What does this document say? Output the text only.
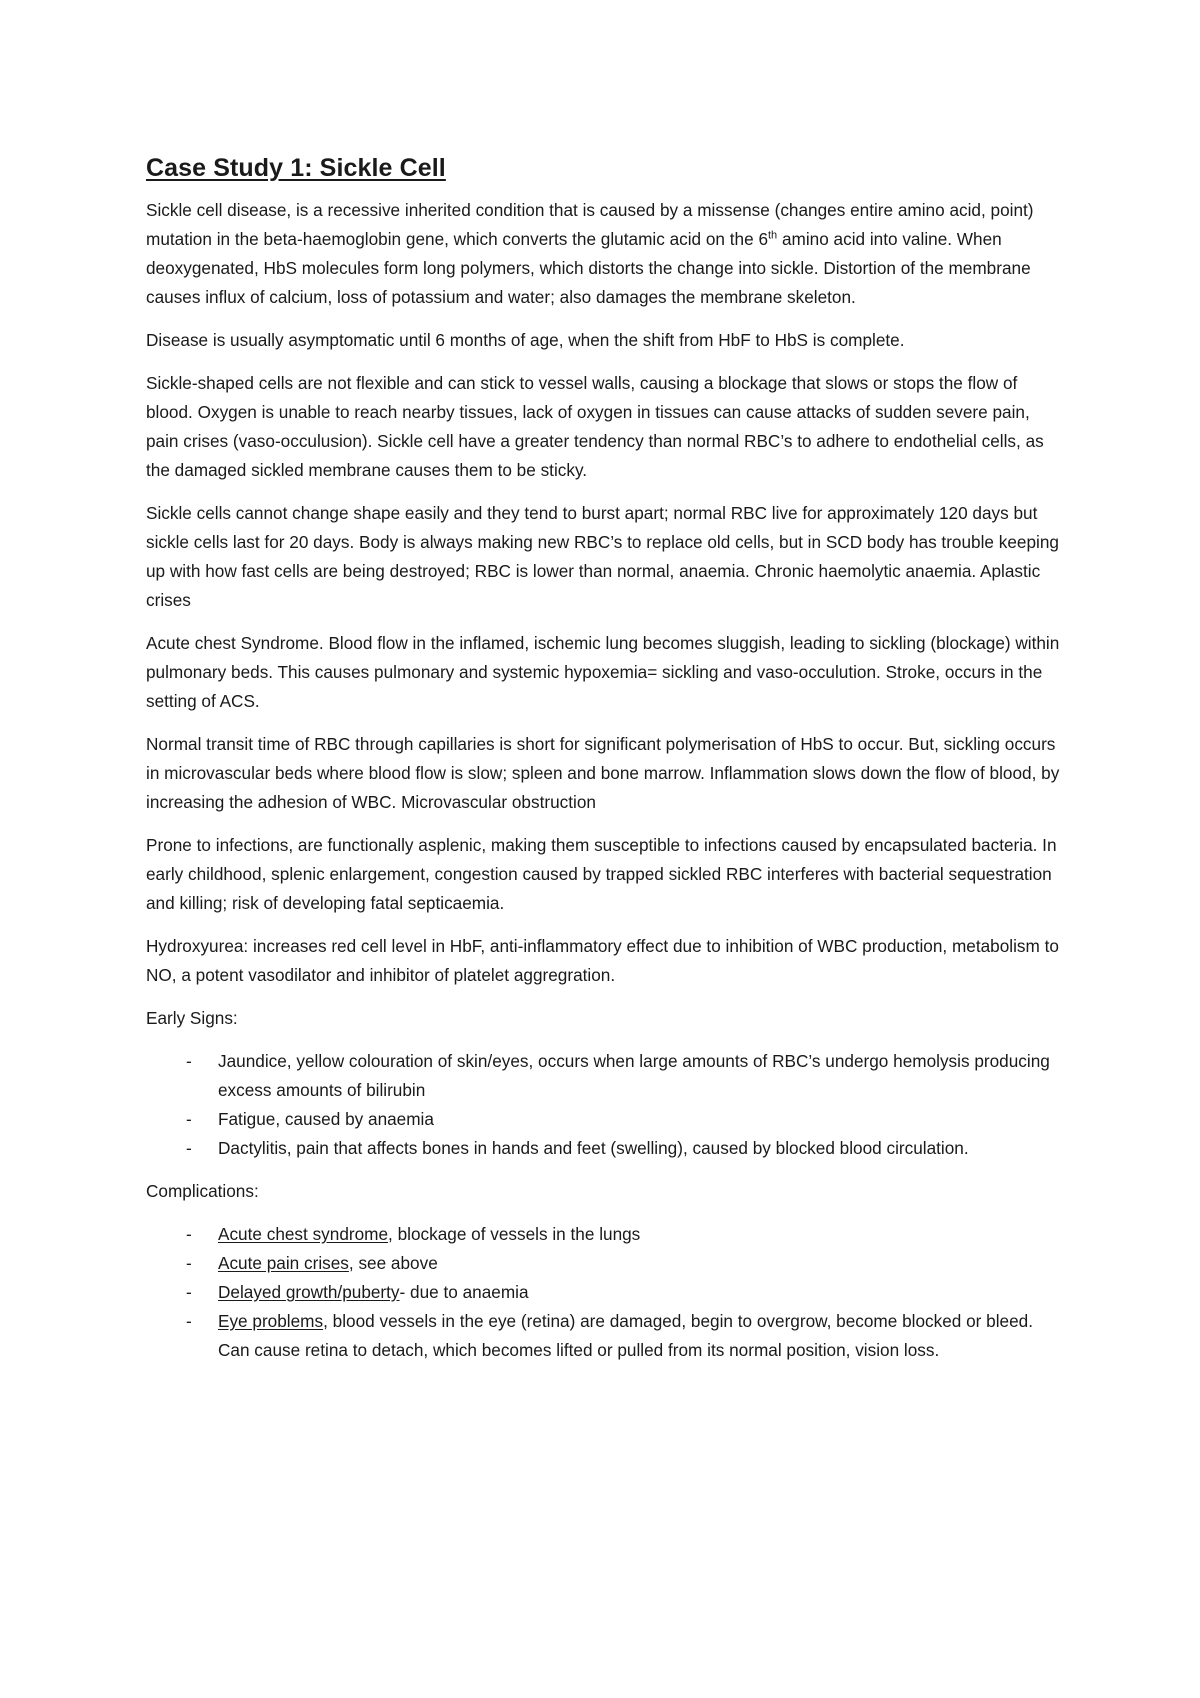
Case Study 1: Sickle Cell

Sickle cell disease, is a recessive inherited condition that is caused by a missense (changes entire amino acid, point) mutation in the beta-haemoglobin gene, which converts the glutamic acid on the 6th amino acid into valine. When deoxygenated, HbS molecules form long polymers, which distorts the change into sickle. Distortion of the membrane causes influx of calcium, loss of potassium and water; also damages the membrane skeleton.

Disease is usually asymptomatic until 6 months of age, when the shift from HbF to HbS is complete.

Sickle-shaped cells are not flexible and can stick to vessel walls, causing a blockage that slows or stops the flow of blood. Oxygen is unable to reach nearby tissues, lack of oxygen in tissues can cause attacks of sudden severe pain, pain crises (vaso-occulusion). Sickle cell have a greater tendency than normal RBC’s to adhere to endothelial cells, as the damaged sickled membrane causes them to be sticky.

Sickle cells cannot change shape easily and they tend to burst apart; normal RBC live for approximately 120 days but sickle cells last for 20 days. Body is always making new RBC’s to replace old cells, but in SCD body has trouble keeping up with how fast cells are being destroyed; RBC is lower than normal, anaemia. Chronic haemolytic anaemia. Aplastic crises

Acute chest Syndrome. Blood flow in the inflamed, ischemic lung becomes sluggish, leading to sickling (blockage) within pulmonary beds. This causes pulmonary and systemic hypoxemia= sickling and vaso-occulution. Stroke, occurs in the setting of ACS.

Normal transit time of RBC through capillaries is short for significant polymerisation of HbS to occur. But, sickling occurs in microvascular beds where blood flow is slow; spleen and bone marrow. Inflammation slows down the flow of blood, by increasing the adhesion of WBC. Microvascular obstruction

Prone to infections, are functionally asplenic, making them susceptible to infections caused by encapsulated bacteria. In early childhood, splenic enlargement, congestion caused by trapped sickled RBC interferes with bacterial sequestration and killing; risk of developing fatal septicaemia.

Hydroxyurea: increases red cell level in HbF, anti-inflammatory effect due to inhibition of WBC production, metabolism to NO, a potent vasodilator and inhibitor of platelet aggregration.

Early Signs:
- Jaundice, yellow colouration of skin/eyes, occurs when large amounts of RBC’s undergo hemolysis producing excess amounts of bilirubin
- Fatigue, caused by anaemia
- Dactylitis, pain that affects bones in hands and feet (swelling), caused by blocked blood circulation.
Complications:
- Acute chest syndrome, blockage of vessels in the lungs
- Acute pain crises, see above
- Delayed growth/puberty- due to anaemia
- Eye problems, blood vessels in the eye (retina) are damaged, begin to overgrow, become blocked or bleed. Can cause retina to detach, which becomes lifted or pulled from its normal position, vision loss.
